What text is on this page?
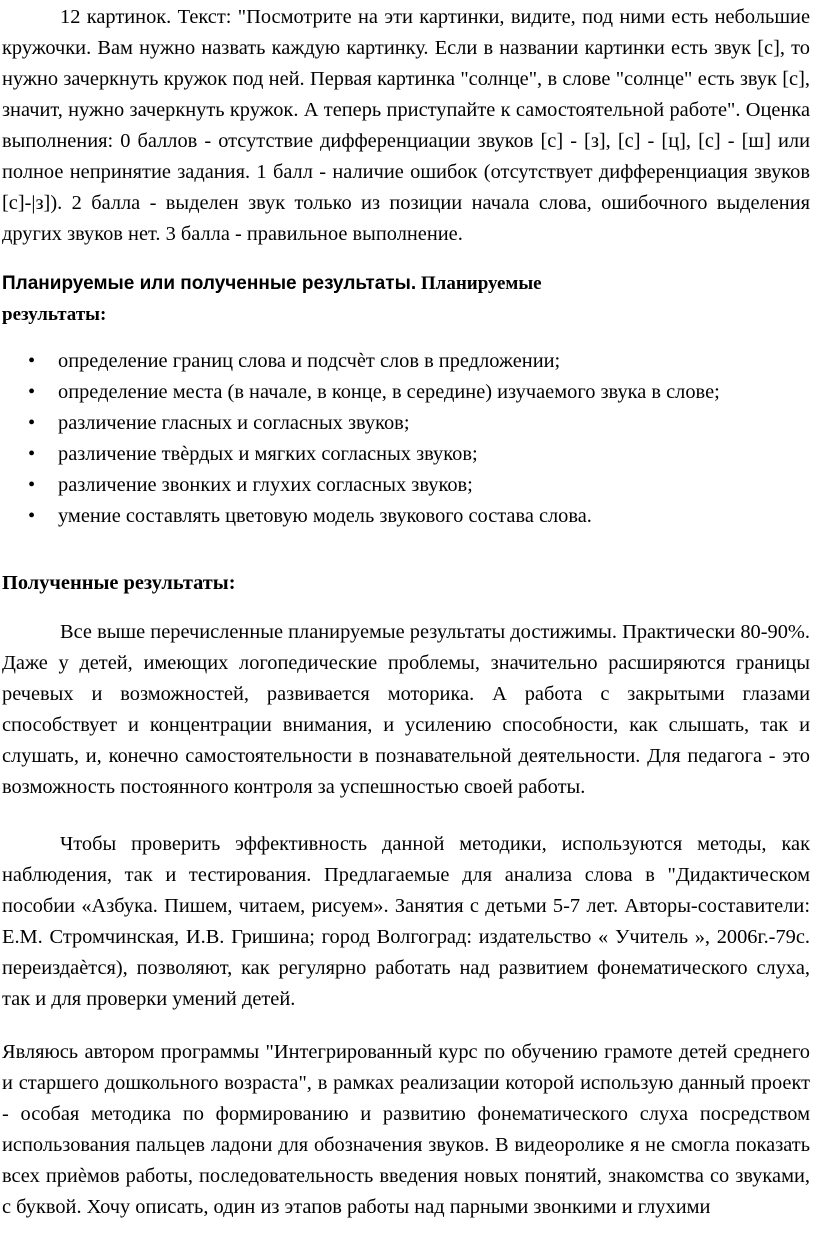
12 картинок. Текст: "Посмотрите на эти картинки, видите, под ними есть небольшие кружочки. Вам нужно назвать каждую картинку. Если в названии картинки есть звук [с], то нужно зачеркнуть кружок под ней. Первая картинка "солнце", в слове "солнце" есть звук [с], значит, нужно зачеркнуть кружок. А теперь приступайте к самостоятельной работе". Оценка выполнения: 0 баллов - отсутствие дифференциации звуков [с] - [з], [с] - [ц], [с] - [ш] или полное непринятие задания. 1 балл - наличие ошибок (отсутствует дифференциация звуков [с]-|з]). 2 балла - выделен звук только из позиции начала слова, ошибочного выделения других звуков нет. 3 балла - правильное выполнение.

Планируемые или полученные результаты. Планируемые результаты:

• определение границ слова и подсчѐт слов в предложении;
• определение места (в начале, в конце, в середине) изучаемого звука в слове;
• различение гласных и согласных звуков;
• различение твѐрдых и мягких согласных звуков;
• различение звонких и глухих согласных звуков;
• умение составлять цветовую модель звукового состава слова.

Полученные результаты:

Все выше перечисленные планируемые результаты достижимы. Практически 80-90%. Даже у детей, имеющих логопедические проблемы, значительно расширяются границы речевых и возможностей, развивается моторика. А работа с закрытыми глазами способствует и концентрации внимания, и усилению способности, как слышать, так и слушать, и, конечно самостоятельности в познавательной деятельности. Для педагога - это возможность постоянного контроля за успешностью своей работы.

Чтобы проверить эффективность данной методики, используются методы, как наблюдения, так и тестирования. Предлагаемые для анализа слова в "Дидактическом пособии «Азбука. Пишем, читаем, рисуем». Занятия с детьми 5-7 лет. Авторы-составители: Е.М. Стромчинская, И.В. Гришина; город Волгоград: издательство « Учитель », 2006г.-79с. переиздаѐтся), позволяют, как регулярно работать над развитием фонематического слуха, так и для проверки умений детей.

Являюсь автором программы "Интегрированный курс по обучению грамоте детей среднего и старшего дошкольного возраста", в рамках реализации которой использую данный проект - особая методика по формированию и развитию фонематического слуха посредством использования пальцев ладони для обозначения звуков. В видеоролике я не смогла показать всех приѐмов работы, последовательность введения новых понятий, знакомства со звуками, с буквой. Хочу описать, один из этапов работы над парными звонкими и глухими
